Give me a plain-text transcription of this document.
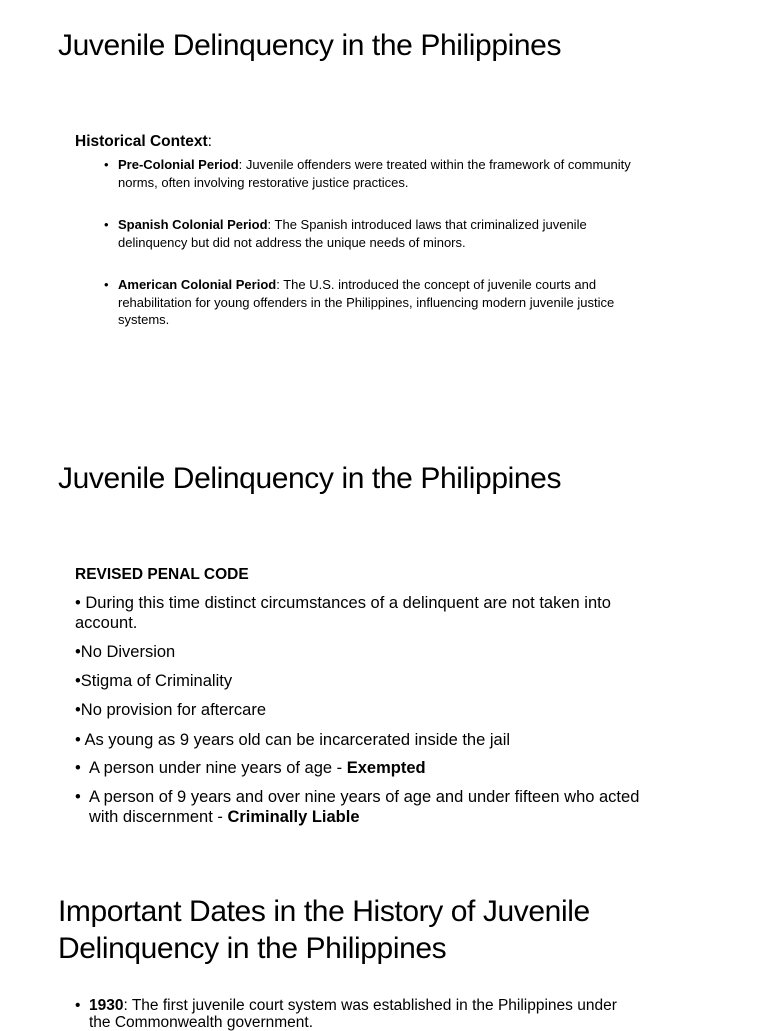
Juvenile Delinquency in the Philippines

Historical Context:

• Pre-Colonial Period: Juvenile offenders were treated within the framework of community norms, often involving restorative justice practices.
• Spanish Colonial Period: The Spanish introduced laws that criminalized juvenile delinquency but did not address the unique needs of minors.
• American Colonial Period: The U.S. introduced the concept of juvenile courts and rehabilitation for young offenders in the Philippines, influencing modern juvenile justice systems.
Juvenile Delinquency in the Philippines

REVISED PENAL CODE

• During this time distinct circumstances of a delinquent are not taken into account.
•No Diversion
•Stigma of Criminality
•No provision for aftercare
• As young as 9 years old can be incarcerated inside the jail
• A person under nine years of age - Exempted
• A person of 9 years and over nine years of age and under fifteen who acted with discernment - Criminally Liable
Important Dates in the History of Juvenile
Delinquency in the Philippines
• 1930: The first juvenile court system was established in the Philippines under the Commonwealth government.
